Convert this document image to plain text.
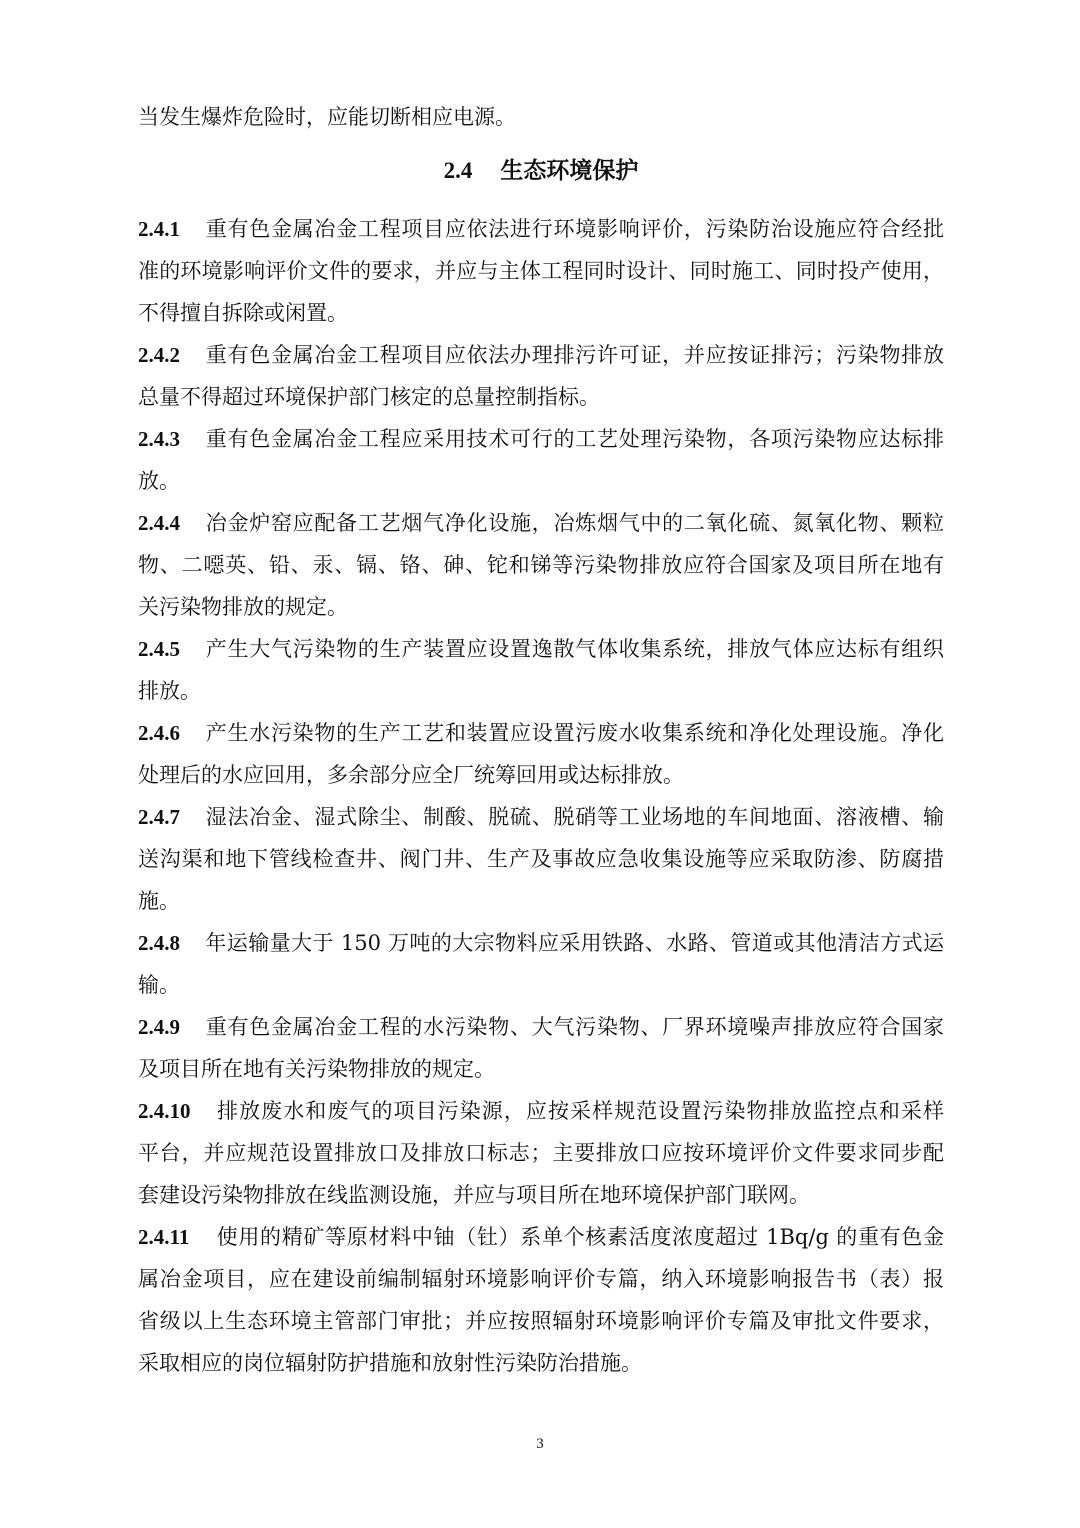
当发生爆炸危险时，应能切断相应电源。
2.4 生态环境保护
2.4.1 重有色金属冶金工程项目应依法进行环境影响评价，污染防治设施应符合经批
准的环境影响评价文件的要求，并应与主体工程同时设计、同时施工、同时投产使用，
不得擅自拆除或闲置。
2.4.2 重有色金属冶金工程项目应依法办理排污许可证，并应按证排污；污染物排放
总量不得超过环境保护部门核定的总量控制指标。
2.4.3 重有色金属冶金工程应采用技术可行的工艺处理污染物，各项污染物应达标排
放。
2.4.4 冶金炉窑应配备工艺烟气净化设施，冶炼烟气中的二氧化硫、氮氧化物、颗粒
物、二噁英、铅、汞、镉、铬、砷、铊和锑等污染物排放应符合国家及项目所在地有
关污染物排放的规定。
2.4.5 产生大气污染物的生产装置应设置逸散气体收集系统，排放气体应达标有组织
排放。
2.4.6 产生水污染物的生产工艺和装置应设置污废水收集系统和净化处理设施。净化
处理后的水应回用，多余部分应全厂统筹回用或达标排放。
2.4.7 湿法冶金、湿式除尘、制酸、脱硫、脱硝等工业场地的车间地面、溶液槽、输
送沟渠和地下管线检查井、阀门井、生产及事故应急收集设施等应采取防渗、防腐措
施。
2.4.8 年运输量大于 150 万吨的大宗物料应采用铁路、水路、管道或其他清洁方式运
输。
2.4.9 重有色金属冶金工程的水污染物、大气污染物、厂界环境噪声排放应符合国家
及项目所在地有关污染物排放的规定。
2.4.10 排放废水和废气的项目污染源，应按采样规范设置污染物排放监控点和采样
平台，并应规范设置排放口及排放口标志；主要排放口应按环境评价文件要求同步配
套建设污染物排放在线监测设施，并应与项目所在地环境保护部门联网。
2.4.11 使用的精矿等原材料中铀（钍）系单个核素活度浓度超过 1Bq/g 的重有色金
属冶金项目，应在建设前编制辐射环境影响评价专篇，纳入环境影响报告书（表）报
省级以上生态环境主管部门审批；并应按照辐射环境影响评价专篇及审批文件要求，
采取相应的岗位辐射防护措施和放射性污染防治措施。
3
